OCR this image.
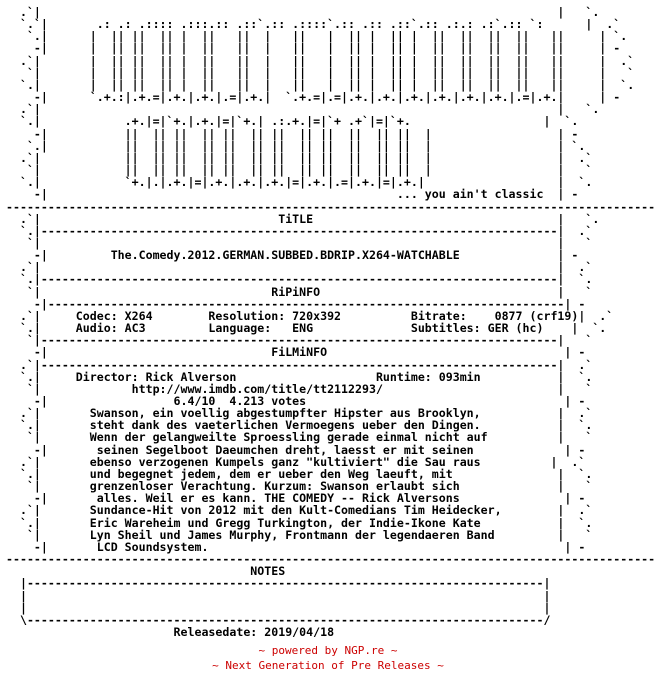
.`|                                                                          |   `.
`.`|       .: .: .:::: .:::.:: .::`.:: .::::`.:: .:: .::`.:: .:.: .:`.:: `:      |  .`
`.|      |  || ||  || |  ||   ||  |   ||   |  || |  || |  ||  ||  ||  ||   ||     | `.
-|      |  || ||  || |  ||   ||  |   ||   |  || |  || |  ||  ||  ||  ||   ||     | -
.`|       |  || ||  || |  ||   ||  |   ||   |  || |  || |  ||  ||  ||  ||   ||     |  .`
`|       |  || ||  || |  ||   ||  |   ||   |  || |  || |  ||  ||  ||  ||   ||     |   `
`.|       |  || ||  || |  ||   ||  |   ||   |  || |  || |  ||  ||  ||  ||   ||     |  `.
-|      `.+.:|.+.=|.+.|.+.|.=|.+.|  `.+.=|.=|.+.|.+.|.+.|.+.|.+.|.+.|.=|.+.|     | -
.`|                                                                          |   `.
`.|            .+.|=|`+.|.+.|=|`+.| .:.+.|=|`+ .+`|=|`+.                   |  `.
-|           ||  || ||  || ||  || ||  || ||  ||  || ||  |                  | -
`.|           ||  || ||  || ||  || ||  || ||  ||  || ||  |                  | `.
.`|            ||  || ||  || ||  || ||  || ||  ||  || ||  |                  |  .`
`|            ||  || ||  || ||  || ||  || ||  ||  || ||  |                  |   `
`.|            `+.|.|.+.|=|.+.|.+.|.+.|=|.+.|.=|.+.|=|.+.|                   |  `.
-|                                                  ... you ain't classic  | -
---------------------------------------------------------------------------------------------
.`|                                  TiTLE                                   |   `.
`.|--------------------------------------------------------------------------|  .`
`|                                                                          |   `
-|         The.Comedy.2012.GERMAN.SUBBED.BDRIP.X264-WATCHABLE              | -
.`|                                                                          |  .`
`.|--------------------------------------------------------------------------|  `.
`|                                 RiPiNFO                                  |   `
-|--------------------------------------------------------------------------| -
.`|     Codec: X264        Resolution: 720x392          Bitrate:    0877 (crf19)|  .`
`.|     Audio: AC3         Language:   ENG              Subtitles: GER (hc)    |  `.
`|--------------------------------------------------------------------------|   `
-|                                FiLMiNFO                                  | -
.`|--------------------------------------------------------------------------|  .`
`.|     Director: Rick Alverson                    Runtime: 093min           |  `.
`|             http://www.imdb.com/title/tt2112293/                         |   `
-|                  6.4/10  4.213 votes                                     | -
.`|       Swanson, ein voellig abgestumpfter Hipster aus Brooklyn,           |  .`
`.|       steht dank des vaeterlichen Vermoegens ueber den Dingen.           |  `.
`|       Wenn der gelangweilte Sproessling gerade einmal nicht auf          |   `
-|       seinen Segelboot Daeumchen dreht, laesst er mit seinen             | -
.`|       ebenso verzogenen Kumpels ganz "kultiviert" die Sau raus          |  .`
`.|       und begegnet jedem, dem er ueber den Weg laeuft, mit               |  `.
`|       grenzenloser Verachtung. Kurzum: Swanson erlaubt sich              |   `
-|       alles. Weil er es kann. THE COMEDY -- Rick Alversons               | -
.`|       Sundance-Hit von 2012 mit den Kult-Comedians Tim Heidecker,        |  .`
`.|       Eric Wareheim und Gregg Turkington, der Indie-Ikone Kate           |  `.
`|       Lyn Sheil und James Murphy, Frontmann der legendaeren Band         |   `
-|       LCD Soundsystem.                                                   | -
---------------------------------------------------------------------------------------------
NOTES
|--------------------------------------------------------------------------|
|                                                                          |
|                                                                          |
\--------------------------------------------------------------------------/
Releasedate: 2019/04/18
~ powered by NGP.re ~
~ Next Generation of Pre Releases ~
